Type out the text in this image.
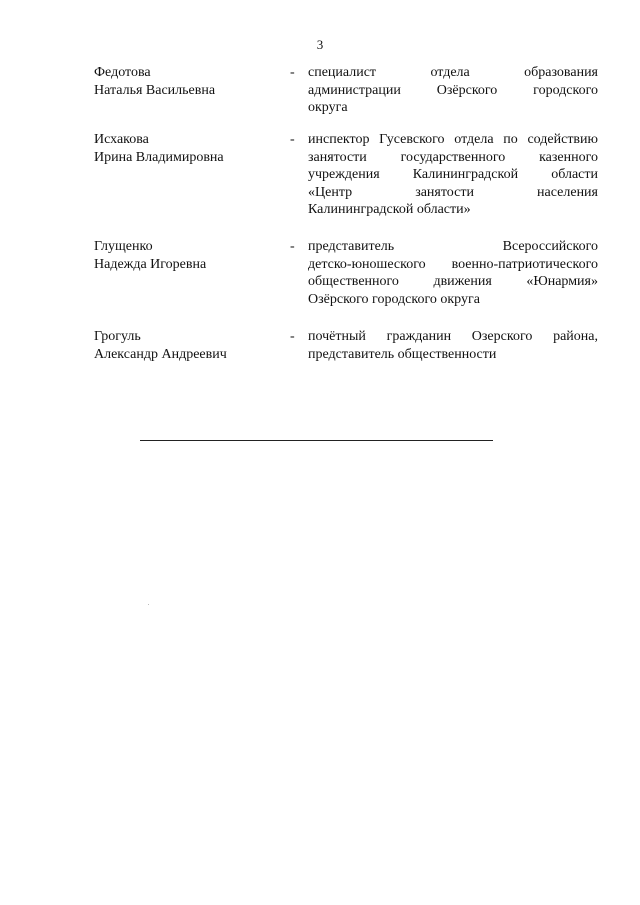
3
Федотова
Наталья Васильевна
- специалист отдела образования
администрации Озёрского городского
округа
Исхакова
Ирина Владимировна
- инспектор Гусевского отдела по содействию
занятости государственного казенного
учреждения Калининградской области
«Центр занятости населения
Калининградской области»
Глущенко
Надежда Игоревна
- представитель Всероссийского
детско-юношеского военно-патриотического
общественного движения «Юнармия»
Озёрского городского округа
Грогуль
Александр Андреевич
- почётный гражданин Озерского района,
представитель общественности
